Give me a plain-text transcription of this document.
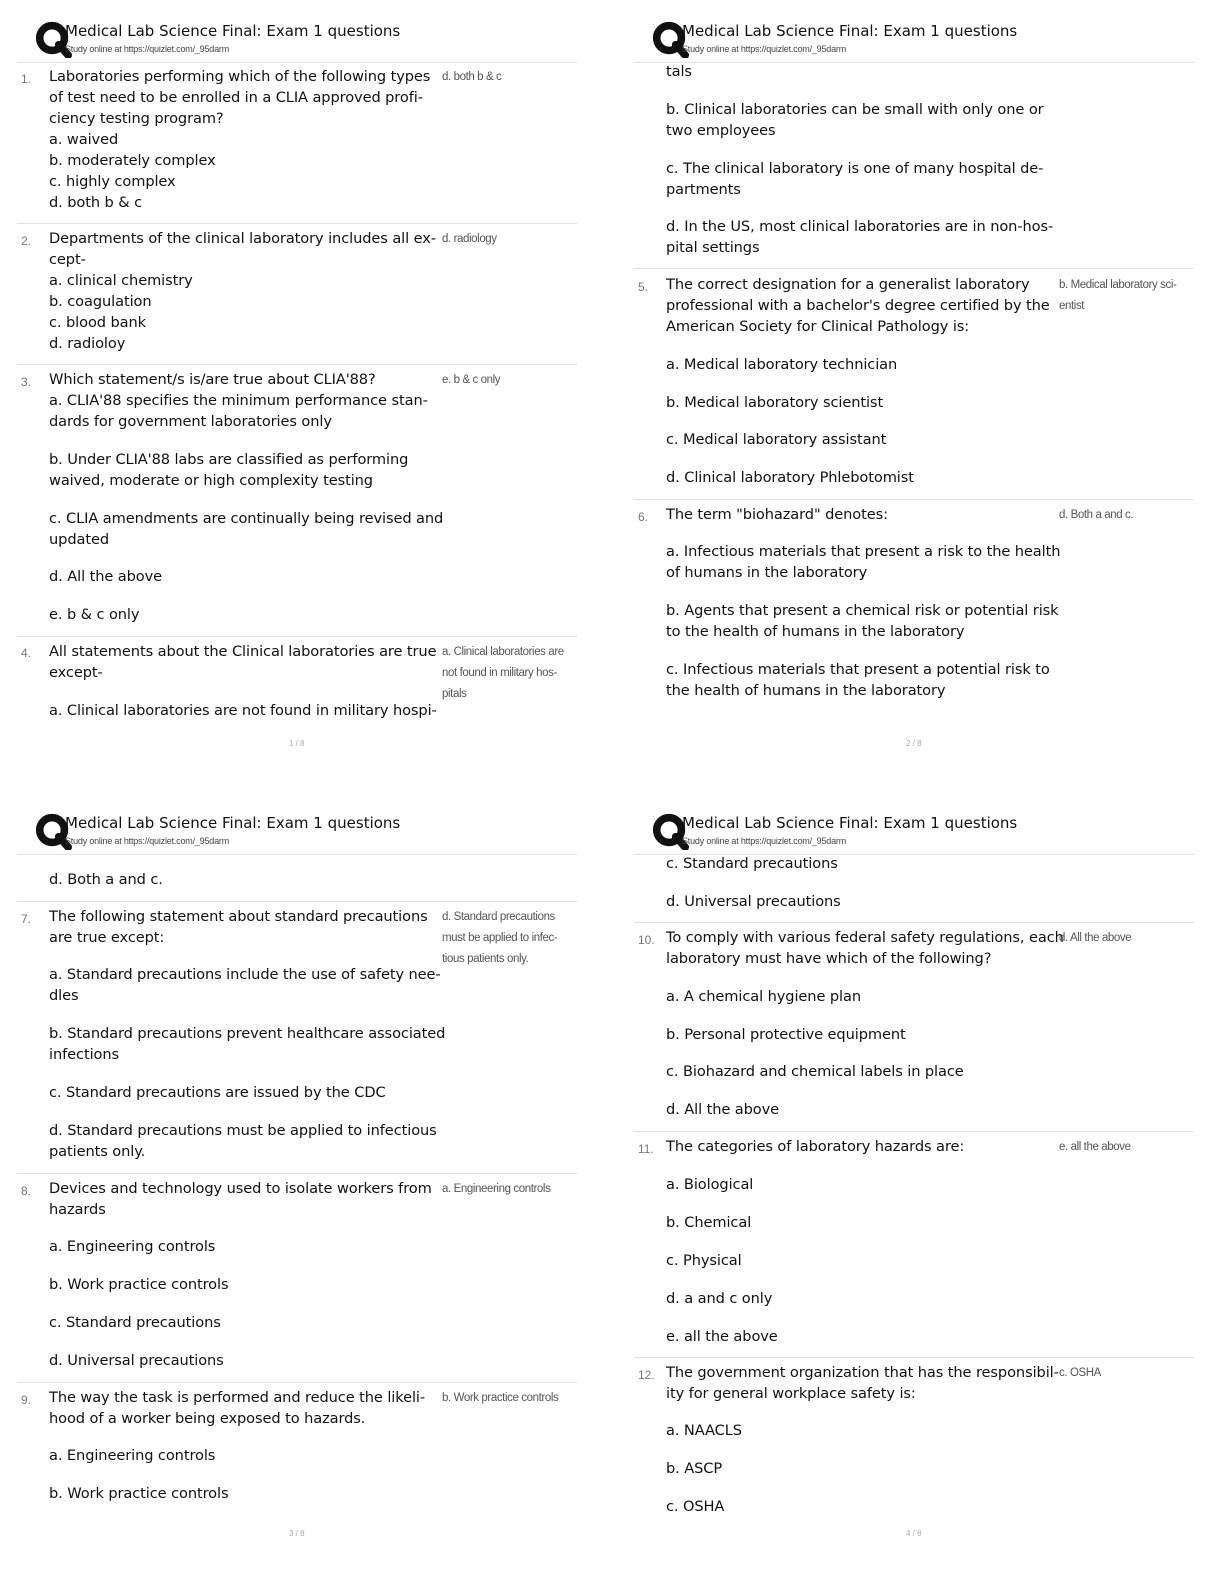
Medical Lab Science Final: Exam 1 questions
Study online at https://quizlet.com/_95darm
1. Laboratories performing which of the following types
of test need to be enrolled in a CLIA approved profi-
ciency testing program?
a. waived
b. moderately complex
c. highly complex
d. both b & c
d. both b & c
2. Departments of the clinical laboratory includes all ex-
cept-
a. clinical chemistry
b. coagulation
c. blood bank
d. radioloy
d. radiology
3. Which statement/s is/are true about CLIA'88?
a. CLIA'88 specifies the minimum performance stan-
dards for government laboratories only
b. Under CLIA'88 labs are classified as performing
waived, moderate or high complexity testing
c. CLIA amendments are continually being revised and
updated
d. All the above
e. b & c only
e. b & c only
4. All statements about the Clinical laboratories are true
except-
a. Clinical laboratories are not found in military hospi-
a. Clinical laboratories are
not found in military hos-
pitals
1 / 8
Medical Lab Science Final: Exam 1 questions
Study online at https://quizlet.com/_95darm
tals
b. Clinical laboratories can be small with only one or
two employees
c. The clinical laboratory is one of many hospital de-
partments
d. In the US, most clinical laboratories are in non-hos-
pital settings
5. The correct designation for a generalist laboratory
professional with a bachelor's degree certified by the
American Society for Clinical Pathology is:
a. Medical laboratory technician
b. Medical laboratory scientist
c. Medical laboratory assistant
d. Clinical laboratory Phlebotomist
b. Medical laboratory sci-
entist
6. The term "biohazard" denotes:
a. Infectious materials that present a risk to the health
of humans in the laboratory
b. Agents that present a chemical risk or potential risk
to the health of humans in the laboratory
c. Infectious materials that present a potential risk to
the health of humans in the laboratory
d. Both a and c.
2 / 8
Medical Lab Science Final: Exam 1 questions
Study online at https://quizlet.com/_95darm
d. Both a and c.
7. The following statement about standard precautions
are true except:
a. Standard precautions include the use of safety nee-
dles
b. Standard precautions prevent healthcare associated
infections
c. Standard precautions are issued by the CDC
d. Standard precautions must be applied to infectious
patients only.
d. Standard precautions
must be applied to infec-
tious patients only.
8. Devices and technology used to isolate workers from
hazards
a. Engineering controls
b. Work practice controls
c. Standard precautions
d. Universal precautions
a. Engineering controls
9. The way the task is performed and reduce the likeli-
hood of a worker being exposed to hazards.
a. Engineering controls
b. Work practice controls
b. Work practice controls
3 / 8
Medical Lab Science Final: Exam 1 questions
Study online at https://quizlet.com/_95darm
c. Standard precautions
d. Universal precautions
10. To comply with various federal safety regulations, each
laboratory must have which of the following?
a. A chemical hygiene plan
b. Personal protective equipment
c. Biohazard and chemical labels in place
d. All the above
d. All the above
11. The categories of laboratory hazards are:
a. Biological
b. Chemical
c. Physical
d. a and c only
e. all the above
e. all the above
12. The government organization that has the responsibil-
ity for general workplace safety is:
a. NAACLS
b. ASCP
c. OSHA
c. OSHA
4 / 8
